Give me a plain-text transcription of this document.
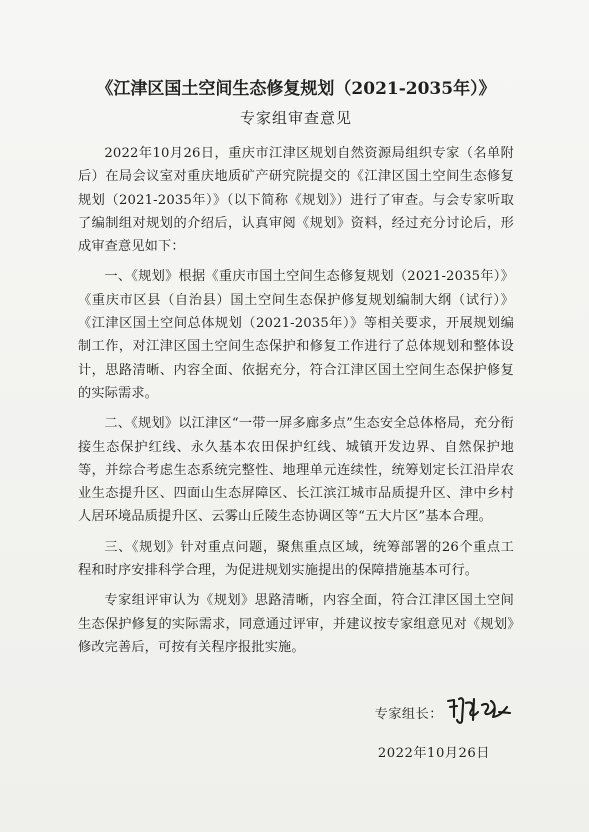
《江津区国土空间生态修复规划（2021-2035年）》
专家组审查意见

2022年10月26日，重庆市江津区规划自然资源局组织专家（名单附后）在局会议室对重庆地质矿产研究院提交的《江津区国土空间生态修复规划（2021-2035年）》（以下简称《规划》）进行了审查。与会专家听取了编制组对规划的介绍后，认真审阅《规划》资料，经过充分讨论后，形成审查意见如下：

一、《规划》根据《重庆市国土空间生态修复规划（2021-2035年）》《重庆市区县（自治县）国土空间生态保护修复规划编制大纲（试行）》《江津区国土空间总体规划（2021-2035年）》等相关要求，开展规划编制工作，对江津区国土空间生态保护和修复工作进行了总体规划和整体设计，思路清晰、内容全面、依据充分，符合江津区国土空间生态保护修复的实际需求。

二、《规划》以江津区“一带一屏多廊多点”生态安全总体格局，充分衔接生态保护红线、永久基本农田保护红线、城镇开发边界、自然保护地等，并综合考虑生态系统完整性、地理单元连续性，统筹划定长江沿岸农业生态提升区、四面山生态屏障区、长江滨江城市品质提升区、津中乡村人居环境品质提升区、云雾山丘陵生态协调区等“五大片区”基本合理。

三、《规划》针对重点问题，聚焦重点区域，统筹部署的26个重点工程和时序安排科学合理，为促进规划实施提出的保障措施基本可行。

专家组评审认为《规划》思路清晰，内容全面，符合江津区国土空间生态保护修复的实际需求，同意通过评审，并建议按专家组意见对《规划》修改完善后，可按有关程序报批实施。

专家组长：
2022年10月26日
